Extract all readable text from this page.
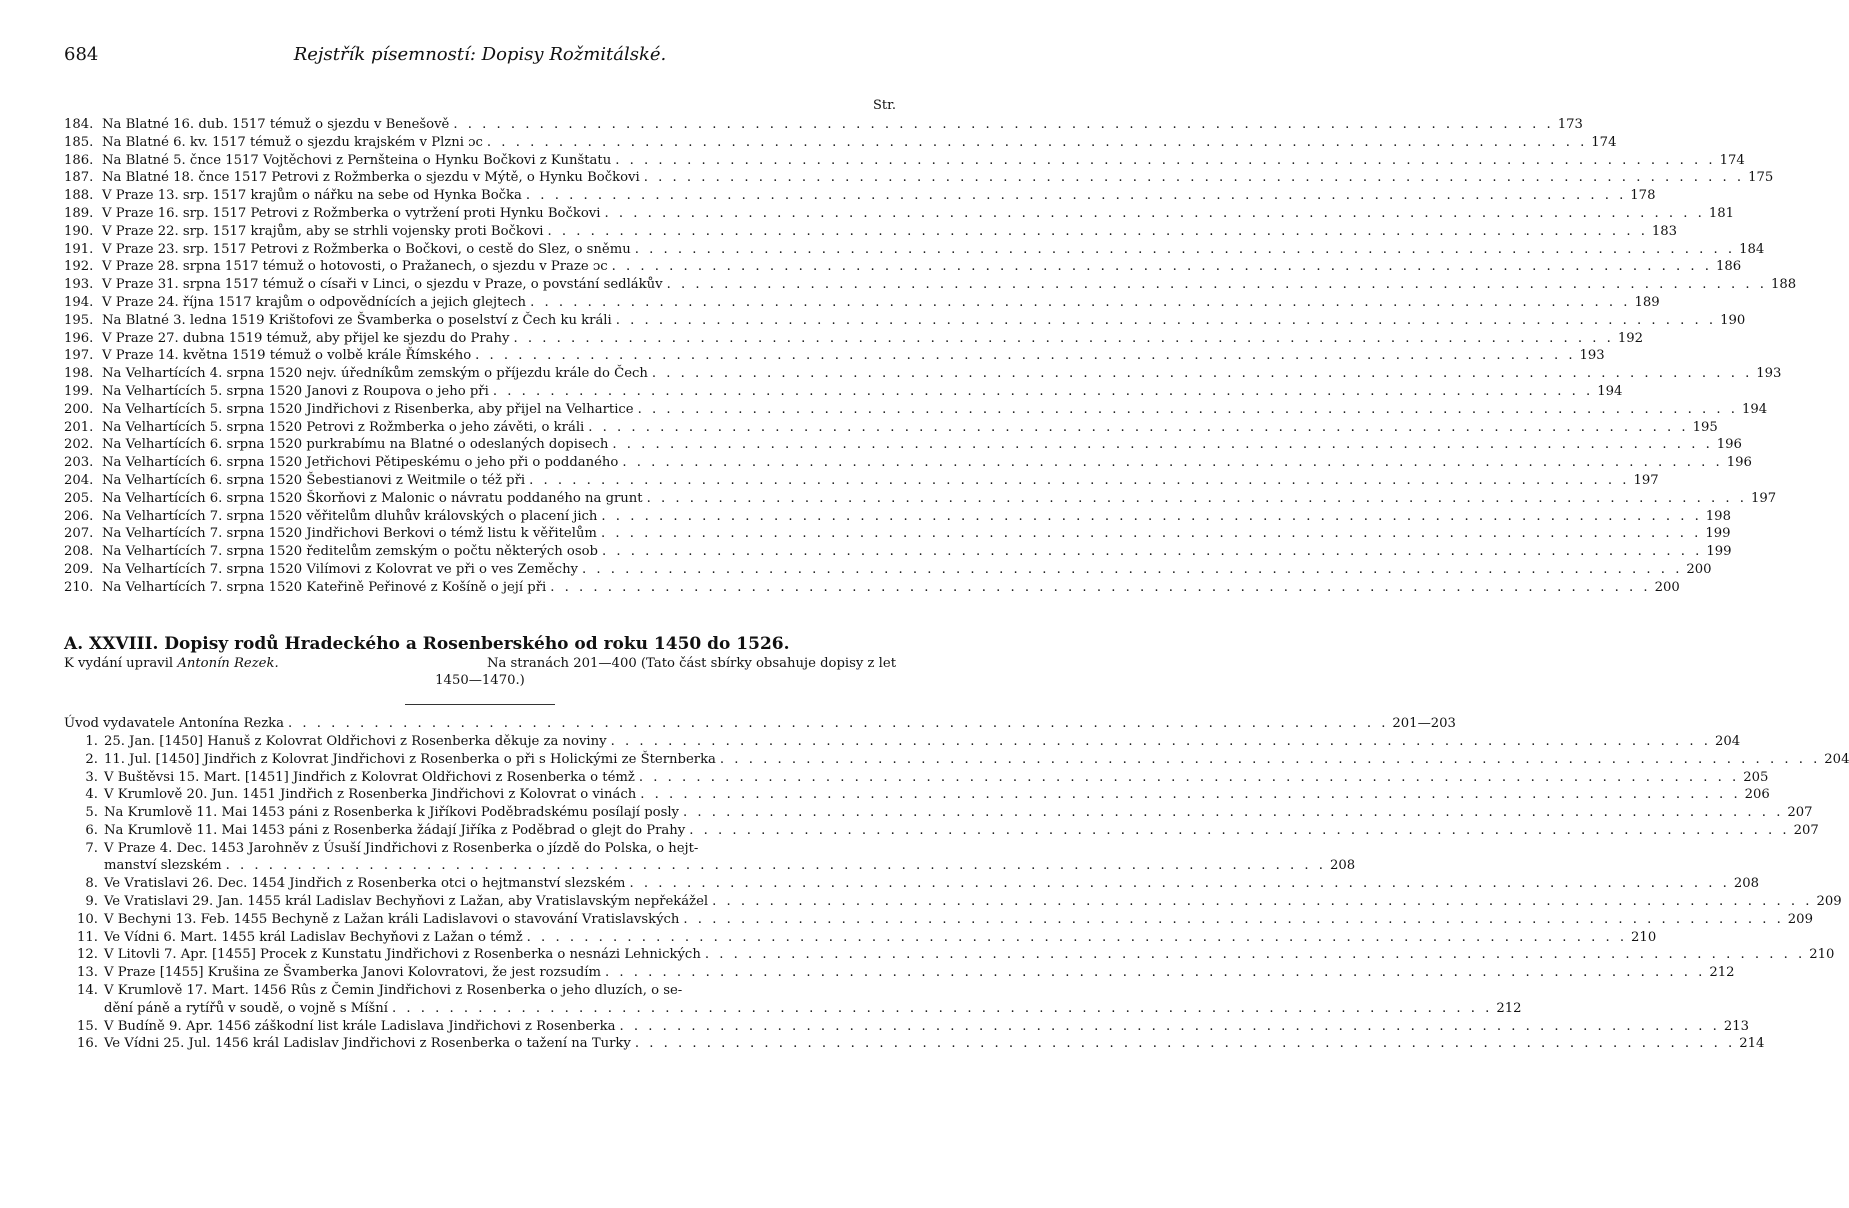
684	Rejstřík písemností: Dopisy Rožmitálské.
Str.
184. Na Blatné 16. dub. 1517 témuž o sjezdu v Benešově . . .	173
185. Na Blatné 6. kv. 1517 témuž o sjezdu krajském v Plzni ɔc . . .	174
186. Na Blatné 5. čnce 1517 Vojtěchovi z Pernšteina o Hynku Bočkovi z Kunštatu . . .	174
187. Na Blatné 18. čnce 1517 Petrovi z Rožmberka o sjezdu v Mýtě, o Hynku Bočkovi . . .	175
188. V Praze 13. srp. 1517 krajům o nářku na sebe od Hynka Bočka . . .	178
189. V Praze 16. srp. 1517 Petrovi z Rožmberka o vytržení proti Hynku Bočkovi . . .	181
190. V Praze 22. srp. 1517 krajům, aby se strhli vojensky proti Bočkovi . . .	183
191. V Praze 23. srp. 1517 Petrovi z Rožmberka o Bočkovi, o cestě do Slez, o sněmu . . .	184
192. V Praze 28. srpna 1517 témuž o hotovosti, o Pražanech, o sjezdu v Praze ɔc . . .	186
193. V Praze 31. srpna 1517 témuž o císaři v Linci, o sjezdu v Praze, o povstání sedlákův . . .	188
194. V Praze 24. října 1517 krajům o odpovědnících a jejich glejtech . . .	189
195. Na Blatné 3. ledna 1519 Krištofovi ze Švamberka o poselství z Čech ku králi . . .	190
196. V Praze 27. dubna 1519 témuž, aby přijel ke sjezdu do Prahy . . .	192
197. V Praze 14. května 1519 témuž o volbě krále Římského . . .	193
198. Na Velhartících 4. srpna 1520 nejv. úředníkům zemským o příjezdu krále do Čech . . .	193
199. Na Velhartících 5. srpna 1520 Janovi z Roupova o jeho při . . .	194
200. Na Velhartících 5. srpna 1520 Jindřichovi z Risenberka, aby přijel na Velhartice . . .	194
201. Na Velhartících 5. srpna 1520 Petrovi z Rožmberka o jeho závěti, o králi . . .	195
202. Na Velhartících 6. srpna 1520 purkrabímu na Blatné o odeslaných dopisech . . .	196
203. Na Velhartících 6. srpna 1520 Jetřichovi Pětipeskému o jeho při o poddaného . . .	196
204. Na Velhartících 6. srpna 1520 Šebestianovi z Weitmile o též při . . .	197
205. Na Velhartících 6. srpna 1520 Škorňovi z Malonic o návratu poddaného na grunt . . .	197
206. Na Velhartících 7. srpna 1520 věřitelům dluhův královských o placení jich . . .	198
207. Na Velhartících 7. srpna 1520 Jindřichovi Berkovi o témž listu k věřitelům . . .	199
208. Na Velhartících 7. srpna 1520 ředitelům zemským o počtu některých osob . . .	199
209. Na Velhartících 7. srpna 1520 Vilímovi z Kolovrat ve při o ves Zeměchy . . .	200
210. Na Velhartících 7. srpna 1520 Kateřině Peřinové z Košíně o její při . . .	200
A. XXVIII. Dopisy rodů Hradeckého a Rosenberského od roku 1450 do 1526.
K vydání upravil Antonín Rezek.	Na stranách 201—400 (Tato část sbírky obsahuje dopisy z let
1450—1470.)
Úvod vydavatele Antonína Rezka . . .	201—203
1. 25. Jan. [1450] Hanuš z Kolovrat Oldřichovi z Rosenberka děkuje za noviny . . .	204
2. 11. Jul. [1450] Jindřich z Kolovrat Jindřichovi z Rosenberka o při s Holickými ze Šternberka . . .	204
3. V Buštěvsi 15. Mart. [1451] Jindřich z Kolovrat Oldřichovi z Rosenberka o témž . . .	205
4. V Krumlově 20. Jun. 1451 Jindřich z Rosenberka Jindřichovi z Kolovrat o vinách . . .	206
5. Na Krumlově 11. Mai 1453 páni z Rosenberka k Jiříkovi Poděbradskému posílají posly . . .	207
6. Na Krumlově 11. Mai 1453 páni z Rosenberka žádají Jiříka z Poděbrad o glejt do Prahy . . .	207
7. V Praze 4. Dec. 1453 Jarohněv z Úsuší Jindřichovi z Rosenberka o jízdě do Polska, o hejt-
manství slezském . . .	208
8. Ve Vratislavi 26. Dec. 1454 Jindřich z Rosenberka otci o hejtmanství slezském . . .	208
9. Ve Vratislavi 29. Jan. 1455 král Ladislav Bechyňovi z Lažan, aby Vratislavským nepřekážel . . .	209
10. V Bechyni 13. Feb. 1455 Bechyně z Lažan králi Ladislavovi o stavování Vratislavských . . .	209
11. Ve Vídni 6. Mart. 1455 král Ladislav Bechyňovi z Lažan o témž . . .	210
12. V Litovli 7. Apr. [1455] Procek z Kunstatu Jindřichovi z Rosenberka o nesnázi Lehnických . . .	210
13. V Praze [1455] Krušina ze Švamberka Janovi Kolovratovi, že jest rozsudím . . .	212
14. V Krumlově 17. Mart. 1456 Rûs z Čemin Jindřichovi z Rosenberka o jeho dluzích, o se-
dění páně a rytířů v soudě, o vojně s Míšní . . .	212
15. V Budíně 9. Apr. 1456 záškodní list krále Ladislava Jindřichovi z Rosenberka . . .	213
16. Ve Vídni 25. Jul. 1456 král Ladislav Jindřichovi z Rosenberka o tažení na Turky . . .	214
